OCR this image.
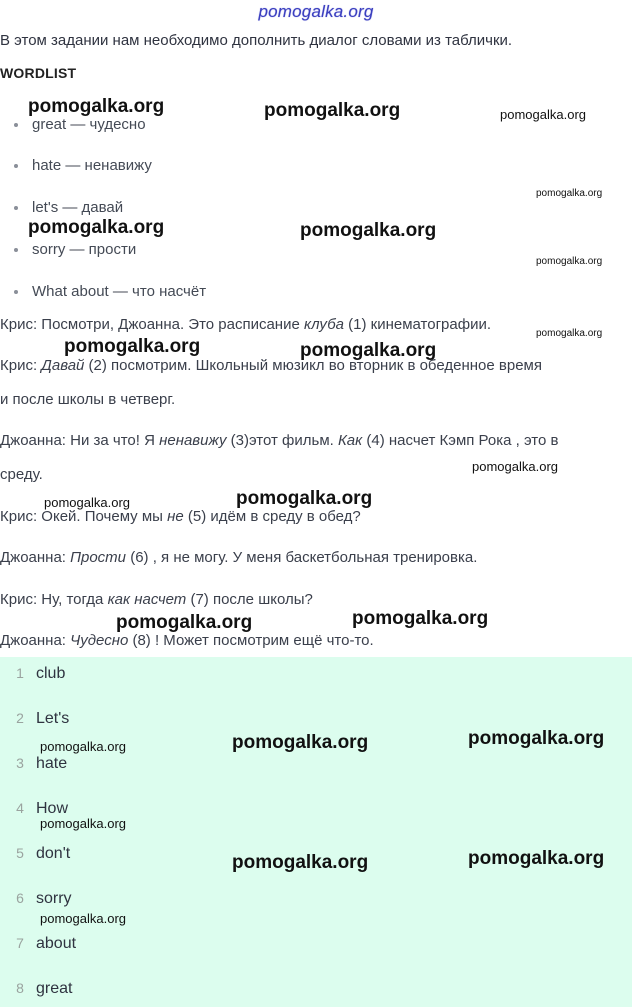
pomogalka.org
В этом задании нам необходимо дополнить диалог словами из таблички.
WORDLIST
great — чудесно
hate — ненавижу
let's — давай
sorry — прости
What about — что насчёт
Крис: Посмотри, Джоанна. Это расписание клуба (1) кинематографии.
Крис: Давай (2) посмотрим. Школьный мюзикл во вторник в обеденное время
и после школы в четверг.
Джоанна: Ни за что! Я ненавижу (3)этот фильм. Как (4) насчет Кэмп Рока , это в
среду.
Крис: Окей. Почему мы не (5) идём в среду в обед?
Джоанна: Прости (6) , я не могу. У меня баскетбольная тренировка.
Крис: Ну, тогда как насчет (7) после школы?
Джоанна: Чудесно (8) ! Может посмотрим ещё что-то.
1 club
2 Let's
3 hate
4 How
5 don't
6 sorry
7 about
8 great
pomogalka.org	pomogalka.org	pomogalka.org
pomogalka.org
pomogalka.org	pomogalka.org
pomogalka.org
pomogalka.org
pomogalka.org	pomogalka.org
pomogalka.org
pomogalka.org
pomogalka.org
pomogalka.org
pomogalka.org
pomogalka.org
pomogalka.org
pomogalka.org
pomogalka.org
pomogalka.org
pomogalka.org
pomogalka.org
